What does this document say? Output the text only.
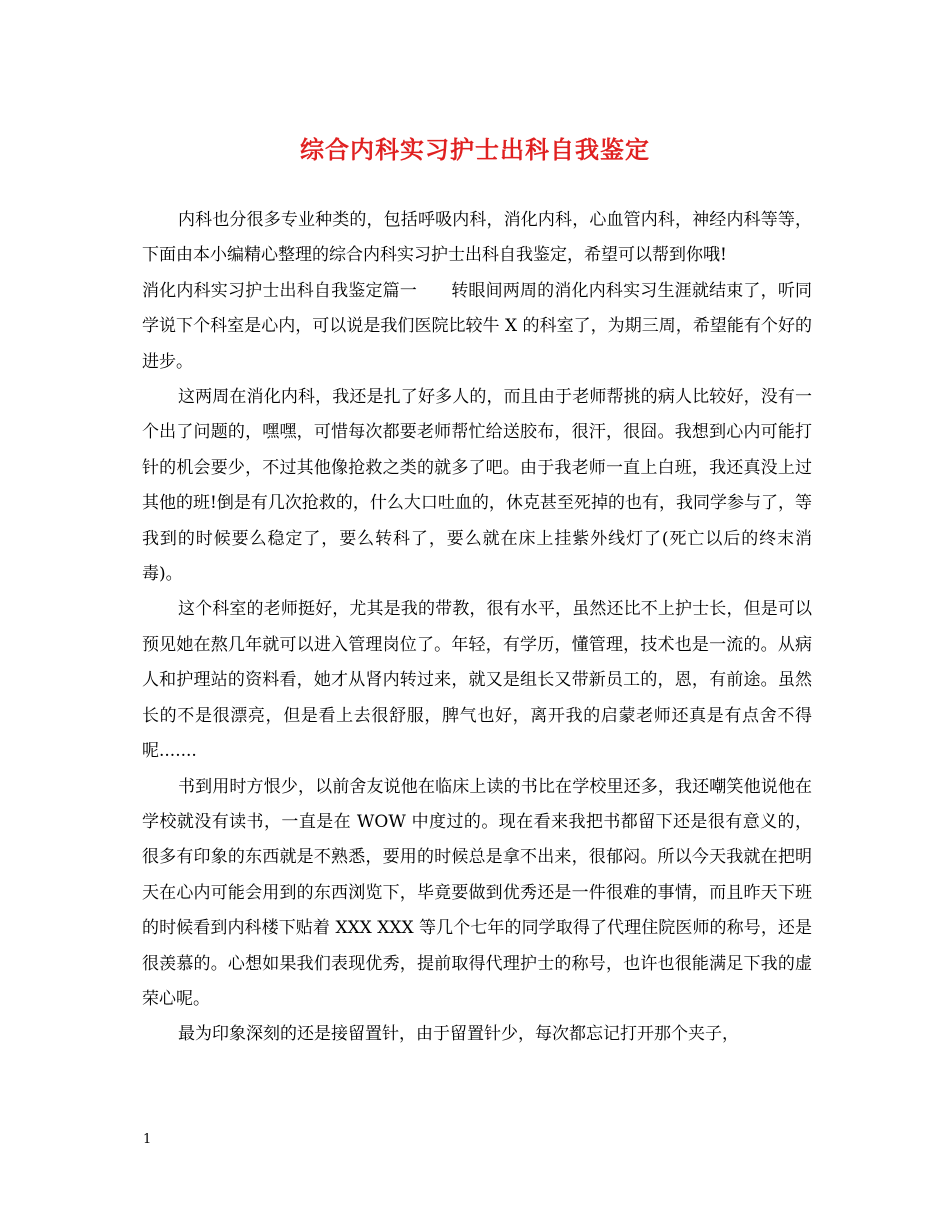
综合内科实习护士出科自我鉴定

内科也分很多专业种类的，包括呼吸内科，消化内科，心血管内科，神经内科等等，下面由本小编精心整理的综合内科实习护士出科自我鉴定，希望可以帮到你哦!

消化内科实习护士出科自我鉴定篇一 转眼间两周的消化内科实习生涯就结束了，听同学说下个科室是心内，可以说是我们医院比较牛 X 的科室了，为期三周，希望能有个好的进步。

这两周在消化内科，我还是扎了好多人的，而且由于老师帮挑的病人比较好，没有一个出了问题的，嘿嘿，可惜每次都要老师帮忙给送胶布，很汗，很囧。我想到心内可能打针的机会要少，不过其他像抢救之类的就多了吧。由于我老师一直上白班，我还真没上过其他的班!倒是有几次抢救的，什么大口吐血的，休克甚至死掉的也有，我同学参与了，等我到的时候要么稳定了，要么转科了，要么就在床上挂紫外线灯了(死亡以后的终末消毒)。

这个科室的老师挺好，尤其是我的带教，很有水平，虽然还比不上护士长，但是可以预见她在熬几年就可以进入管理岗位了。年轻，有学历，懂管理，技术也是一流的。从病人和护理站的资料看，她才从肾内转过来，就又是组长又带新员工的，恩，有前途。虽然长的不是很漂亮，但是看上去很舒服，脾气也好，离开我的启蒙老师还真是有点舍不得呢.......

书到用时方恨少，以前舍友说他在临床上读的书比在学校里还多，我还嘲笑他说他在学校就没有读书，一直是在 WOW 中度过的。现在看来我把书都留下还是很有意义的，很多有印象的东西就是不熟悉，要用的时候总是拿不出来，很郁闷。所以今天我就在把明天在心内可能会用到的东西浏览下，毕竟要做到优秀还是一件很难的事情，而且昨天下班的时候看到内科楼下贴着 XXX XXX 等几个七年的同学取得了代理住院医师的称号，还是很羡慕的。心想如果我们表现优秀，提前取得代理护士的称号，也许也很能满足下我的虚荣心呢。

最为印象深刻的还是接留置针，由于留置针少，每次都忘记打开那个夹子，

1
